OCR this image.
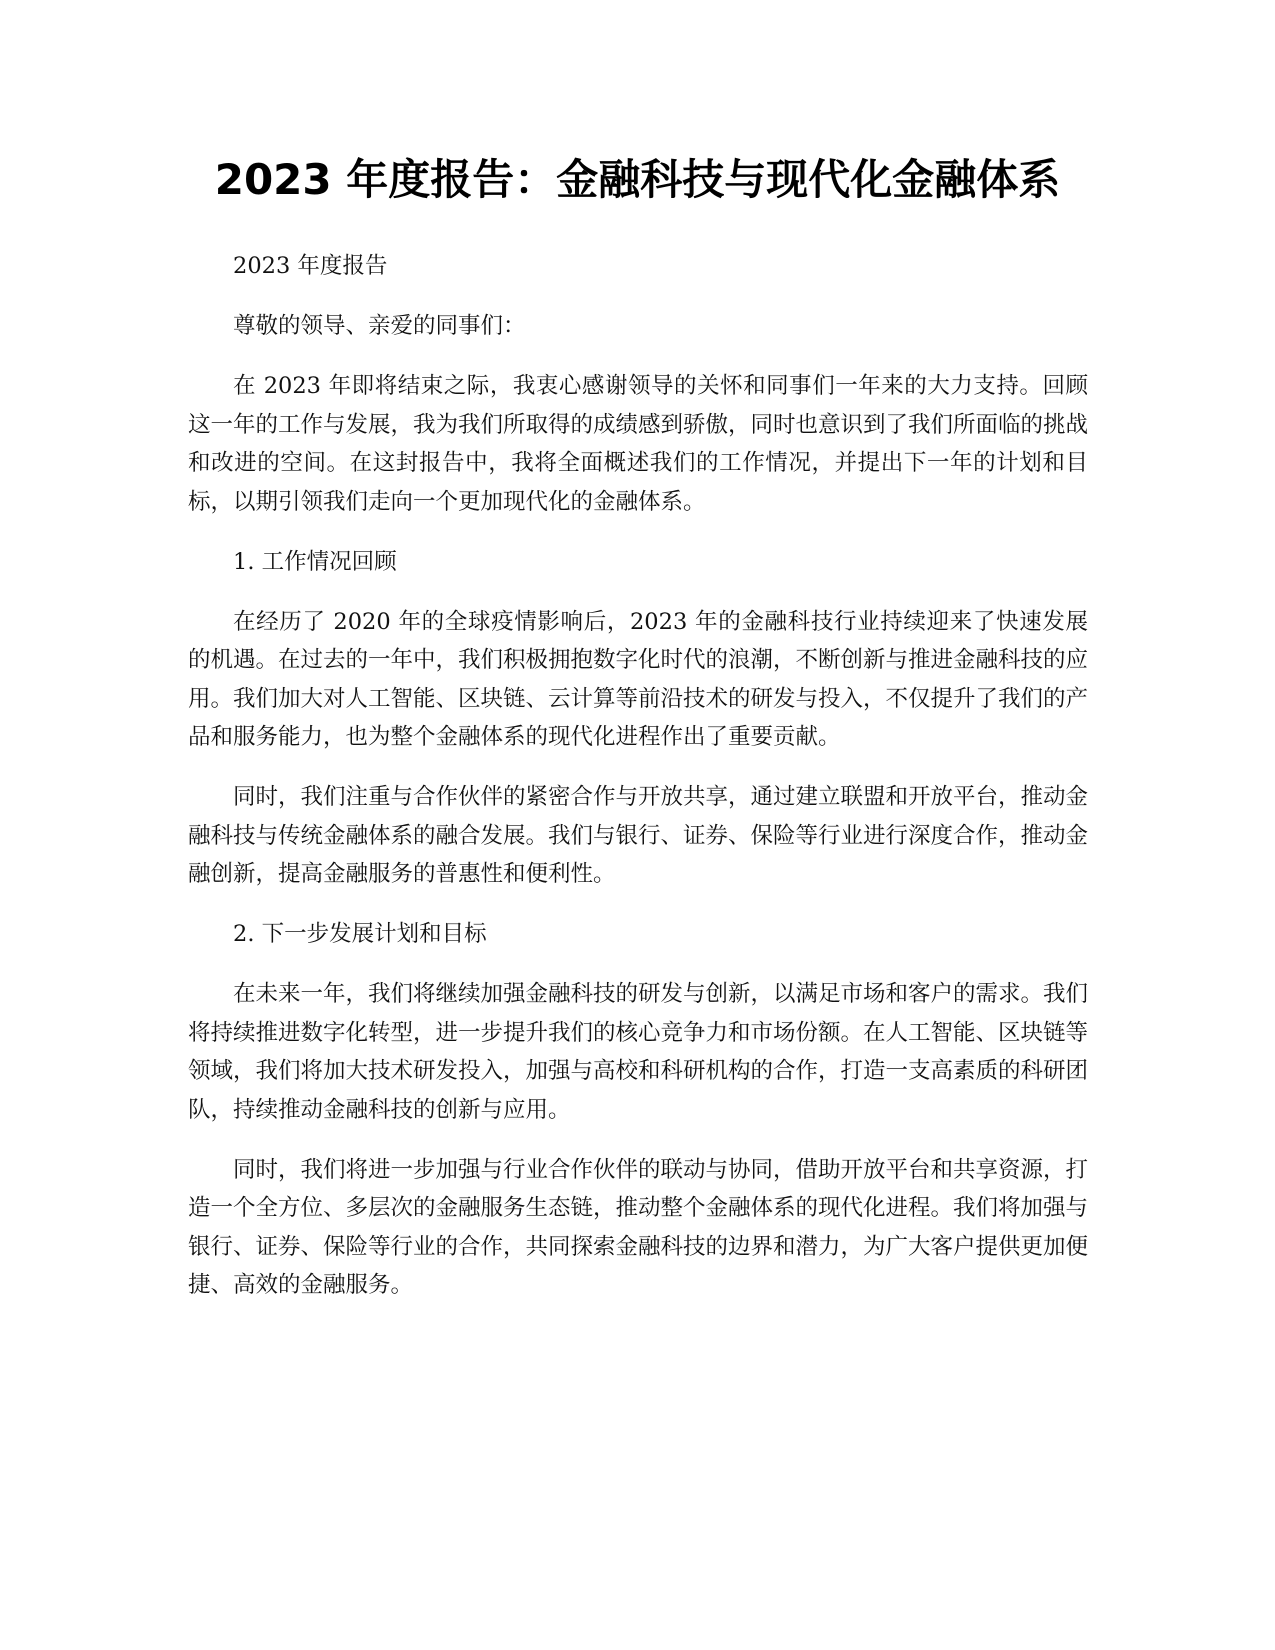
2023 年度报告：金融科技与现代化金融体系

2023 年度报告

尊敬的领导、亲爱的同事们：

在 2023 年即将结束之际，我衷心感谢领导的关怀和同事们一年来的大力支持。回顾这一年的工作与发展，我为我们所取得的成绩感到骄傲，同时也意识到了我们所面临的挑战和改进的空间。在这封报告中，我将全面概述我们的工作情况，并提出下一年的计划和目标，以期引领我们走向一个更加现代化的金融体系。

1. 工作情况回顾

在经历了 2020 年的全球疫情影响后，2023 年的金融科技行业持续迎来了快速发展的机遇。在过去的一年中，我们积极拥抱数字化时代的浪潮，不断创新与推进金融科技的应用。我们加大对人工智能、区块链、云计算等前沿技术的研发与投入，不仅提升了我们的产品和服务能力，也为整个金融体系的现代化进程作出了重要贡献。

同时，我们注重与合作伙伴的紧密合作与开放共享，通过建立联盟和开放平台，推动金融科技与传统金融体系的融合发展。我们与银行、证券、保险等行业进行深度合作，推动金融创新，提高金融服务的普惠性和便利性。

2. 下一步发展计划和目标

在未来一年，我们将继续加强金融科技的研发与创新，以满足市场和客户的需求。我们将持续推进数字化转型，进一步提升我们的核心竞争力和市场份额。在人工智能、区块链等领域，我们将加大技术研发投入，加强与高校和科研机构的合作，打造一支高素质的科研团队，持续推动金融科技的创新与应用。

同时，我们将进一步加强与行业合作伙伴的联动与协同，借助开放平台和共享资源，打造一个全方位、多层次的金融服务生态链，推动整个金融体系的现代化进程。我们将加强与银行、证券、保险等行业的合作，共同探索金融科技的边界和潜力，为广大客户提供更加便捷、高效的金融服务。
